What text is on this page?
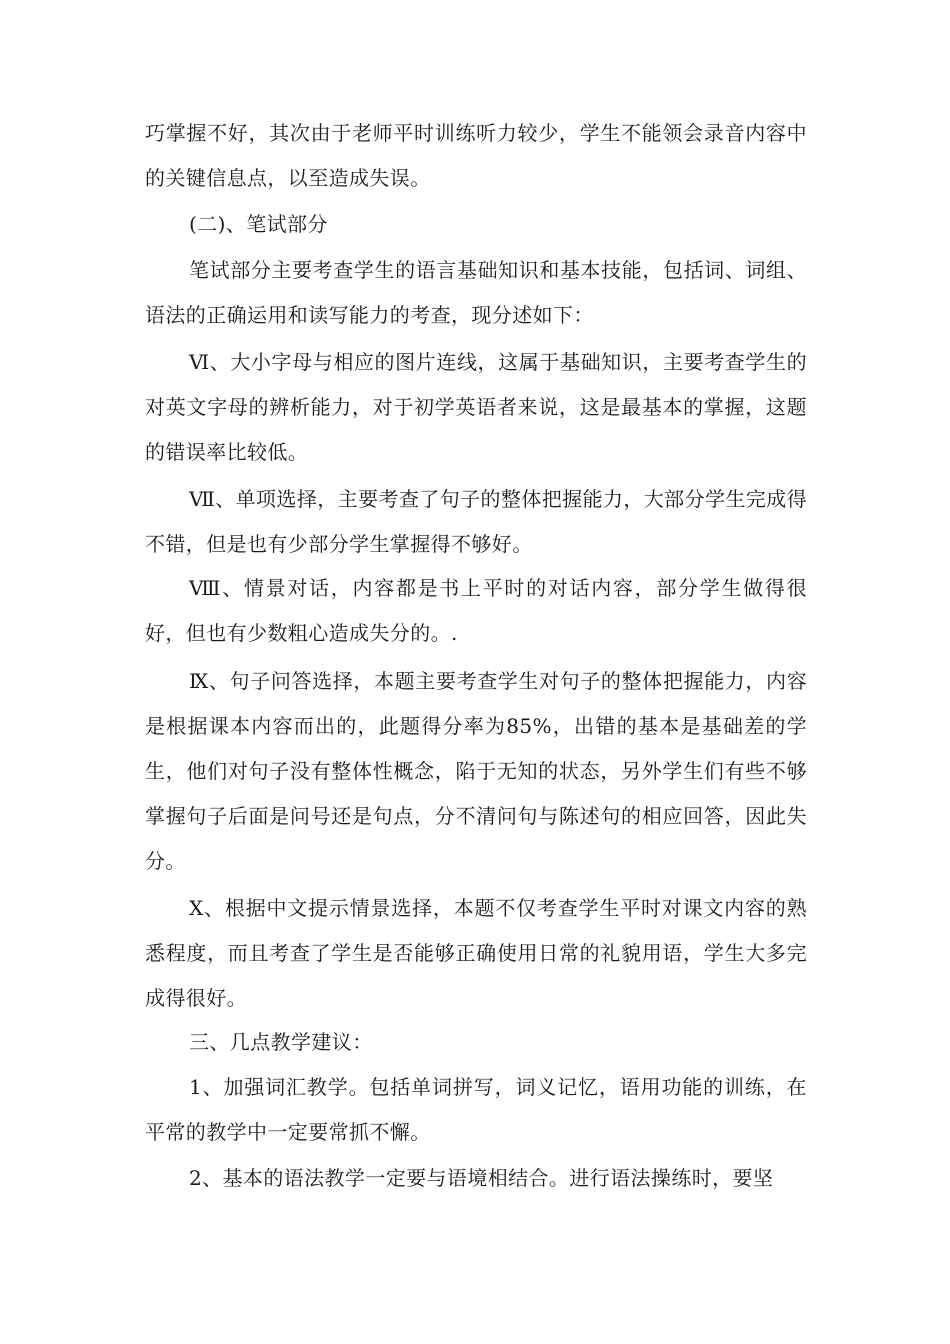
巧掌握不好，其次由于老师平时训练听力较少，学生不能领会录音内容中的关键信息点，以至造成失误。

(二)、笔试部分

笔试部分主要考查学生的语言基础知识和基本技能，包括词、词组、语法的正确运用和读写能力的考查，现分述如下：

Ⅵ、大小字母与相应的图片连线，这属于基础知识，主要考查学生的对英文字母的辨析能力，对于初学英语者来说，这是最基本的掌握，这题的错误率比较低。

Ⅶ、单项选择，主要考查了句子的整体把握能力，大部分学生完成得不错，但是也有少部分学生掌握得不够好。

Ⅷ、情景对话，内容都是书上平时的对话内容，部分学生做得很好，但也有少数粗心造成失分的。.

Ⅸ、句子问答选择，本题主要考查学生对句子的整体把握能力，内容是根据课本内容而出的，此题得分率为85%，出错的基本是基础差的学生，他们对句子没有整体性概念，陷于无知的状态，另外学生们有些不够掌握句子后面是问号还是句点，分不清问句与陈述句的相应回答，因此失分。

Ⅹ、根据中文提示情景选择，本题不仅考查学生平时对课文内容的熟悉程度，而且考查了学生是否能够正确使用日常的礼貌用语，学生大多完成得很好。

三、几点教学建议：

1、加强词汇教学。包括单词拼写，词义记忆，语用功能的训练，在平常的教学中一定要常抓不懈。

2、基本的语法教学一定要与语境相结合。进行语法操练时，要坚
